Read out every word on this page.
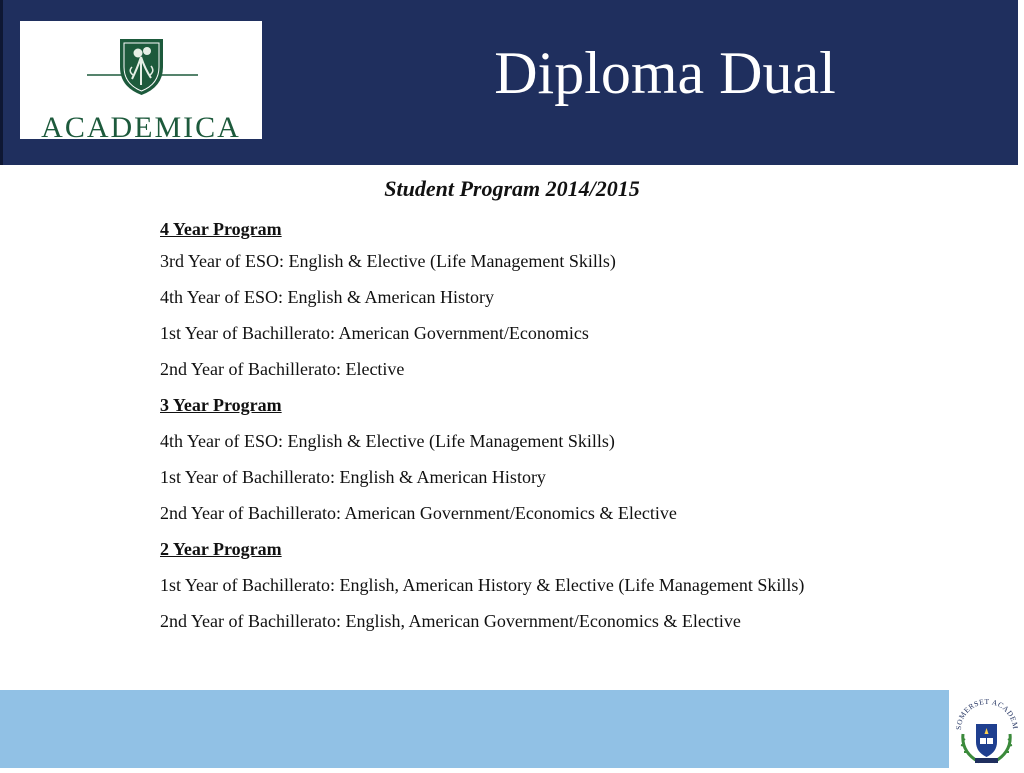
ACADEMICA
Diploma Dual
Student Program 2014/2015
4 Year Program
3rd Year of ESO: English & Elective (Life Management Skills)
4th Year of ESO: English & American History
1st Year of Bachillerato: American Government/Economics
2nd Year of Bachillerato: Elective
3 Year Program
4th Year of ESO: English & Elective (Life Management Skills)
1st Year of Bachillerato: English & American History
2nd Year of Bachillerato: American Government/Economics & Elective
2 Year Program
1st Year of Bachillerato: English, American History & Elective (Life Management Skills)
2nd Year of Bachillerato: English, American Government/Economics & Elective
SOMERSET ACADEM
